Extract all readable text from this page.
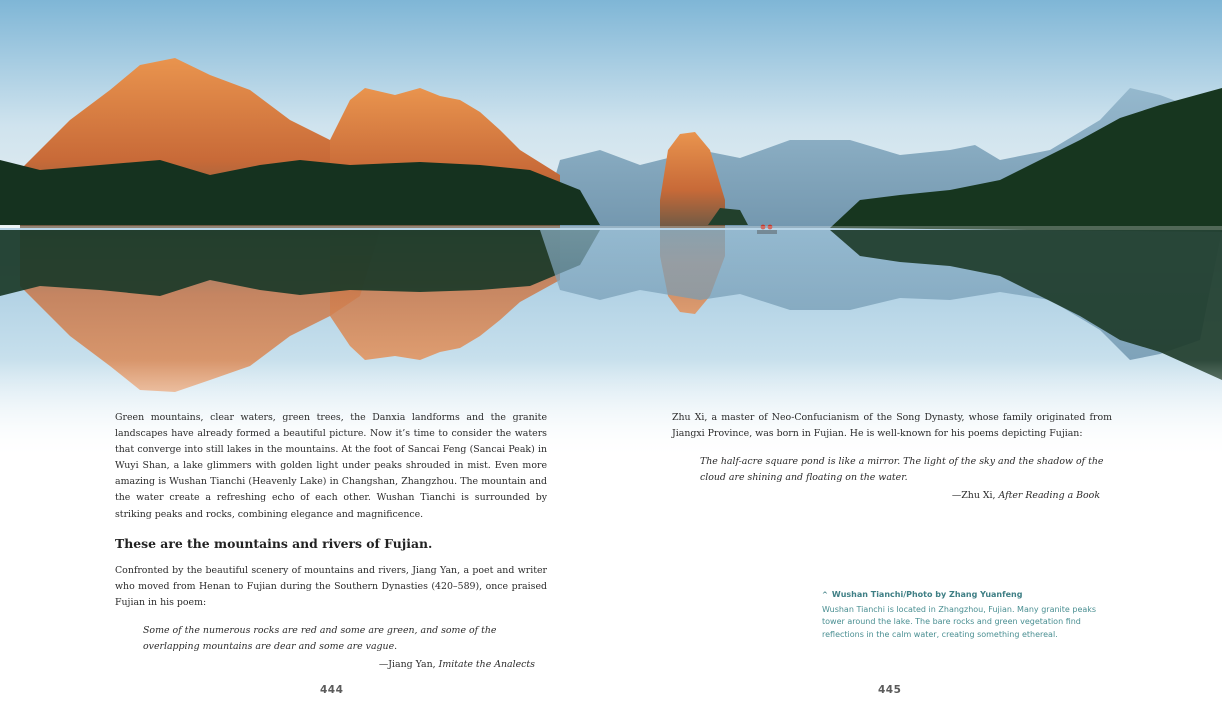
Green mountains, clear waters, green trees, the Danxia landforms and the granite landscapes have already formed a beautiful picture. Now it’s time to consider the waters that converge into still lakes in the mountains. At the foot of Sancai Feng (Sancai Peak) in Wuyi Shan, a lake glimmers with golden light under peaks shrouded in mist. Even more amazing is Wushan Tianchi (Heavenly Lake) in Changshan, Zhangzhou. The mountain and the water create a refreshing echo of each other. Wushan Tianchi is surrounded by striking peaks and rocks, combining elegance and magnificence.

These are the mountains and rivers of Fujian.

Confronted by the beautiful scenery of mountains and rivers, Jiang Yan, a poet and writer who moved from Henan to Fujian during the Southern Dynasties (420–589), once praised Fujian in his poem:

Some of the numerous rocks are red and some are green, and some of the overlapping mountains are dear and some are vague.

—Jiang Yan, Imitate the Analects

Zhu Xi, a master of Neo-Confucianism of the Song Dynasty, whose family originated from Jiangxi Province, was born in Fujian. He is well-known for his poems depicting Fujian:

The half-acre square pond is like a mirror. The light of the sky and the shadow of the cloud are shining and floating on the water.

—Zhu Xi, After Reading a Book

^ Wushan Tianchi/Photo by Zhang Yuanfeng
Wushan Tianchi is located in Zhangzhou, Fujian. Many granite peaks tower around the lake. The bare rocks and green vegetation find reflections in the calm water, creating something ethereal.
444	445
